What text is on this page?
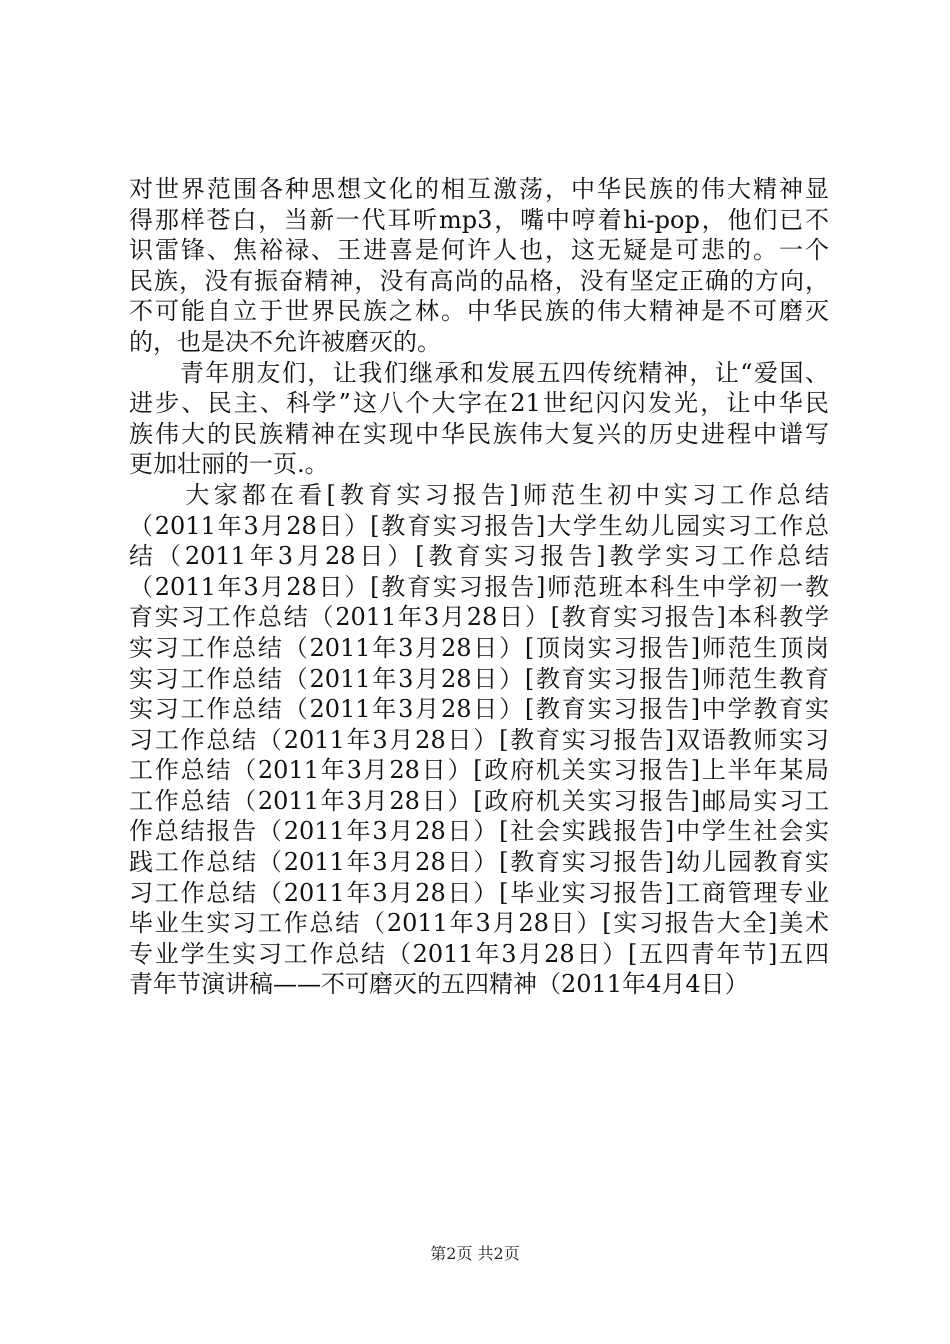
对世界范围各种思想文化的相互激荡，中华民族的伟大精神显
得那样苍白，当新一代耳听mp3，嘴中哼着hi-pop，他们已不
识雷锋、焦裕禄、王进喜是何许人也，这无疑是可悲的。一个
民族，没有振奋精神，没有高尚的品格，没有坚定正确的方向，
不可能自立于世界民族之林。中华民族的伟大精神是不可磨灭
的，也是决不允许被磨灭的。
　　青年朋友们，让我们继承和发展五四传统精神，让“爱国、
进步、民主、科学”这八个大字在21世纪闪闪发光，让中华民
族伟大的民族精神在实现中华民族伟大复兴的历史进程中谱写
更加壮丽的一页.。
　　大家都在看[教育实习报告]师范生初中实习工作总结
（2011年3月28日）[教育实习报告]大学生幼儿园实习工作总
结（2011年3月28日）[教育实习报告]教学实习工作总结
（2011年3月28日）[教育实习报告]师范班本科生中学初一教
育实习工作总结（2011年3月28日）[教育实习报告]本科教学
实习工作总结（2011年3月28日）[顶岗实习报告]师范生顶岗
实习工作总结（2011年3月28日）[教育实习报告]师范生教育
实习工作总结（2011年3月28日）[教育实习报告]中学教育实
习工作总结（2011年3月28日）[教育实习报告]双语教师实习
工作总结（2011年3月28日）[政府机关实习报告]上半年某局
工作总结（2011年3月28日）[政府机关实习报告]邮局实习工
作总结报告（2011年3月28日）[社会实践报告]中学生社会实
践工作总结（2011年3月28日）[教育实习报告]幼儿园教育实
习工作总结（2011年3月28日）[毕业实习报告]工商管理专业
毕业生实习工作总结（2011年3月28日）[实习报告大全]美术
专业学生实习工作总结（2011年3月28日）[五四青年节]五四
青年节演讲稿——不可磨灭的五四精神（2011年4月4日）
第2页 共2页
